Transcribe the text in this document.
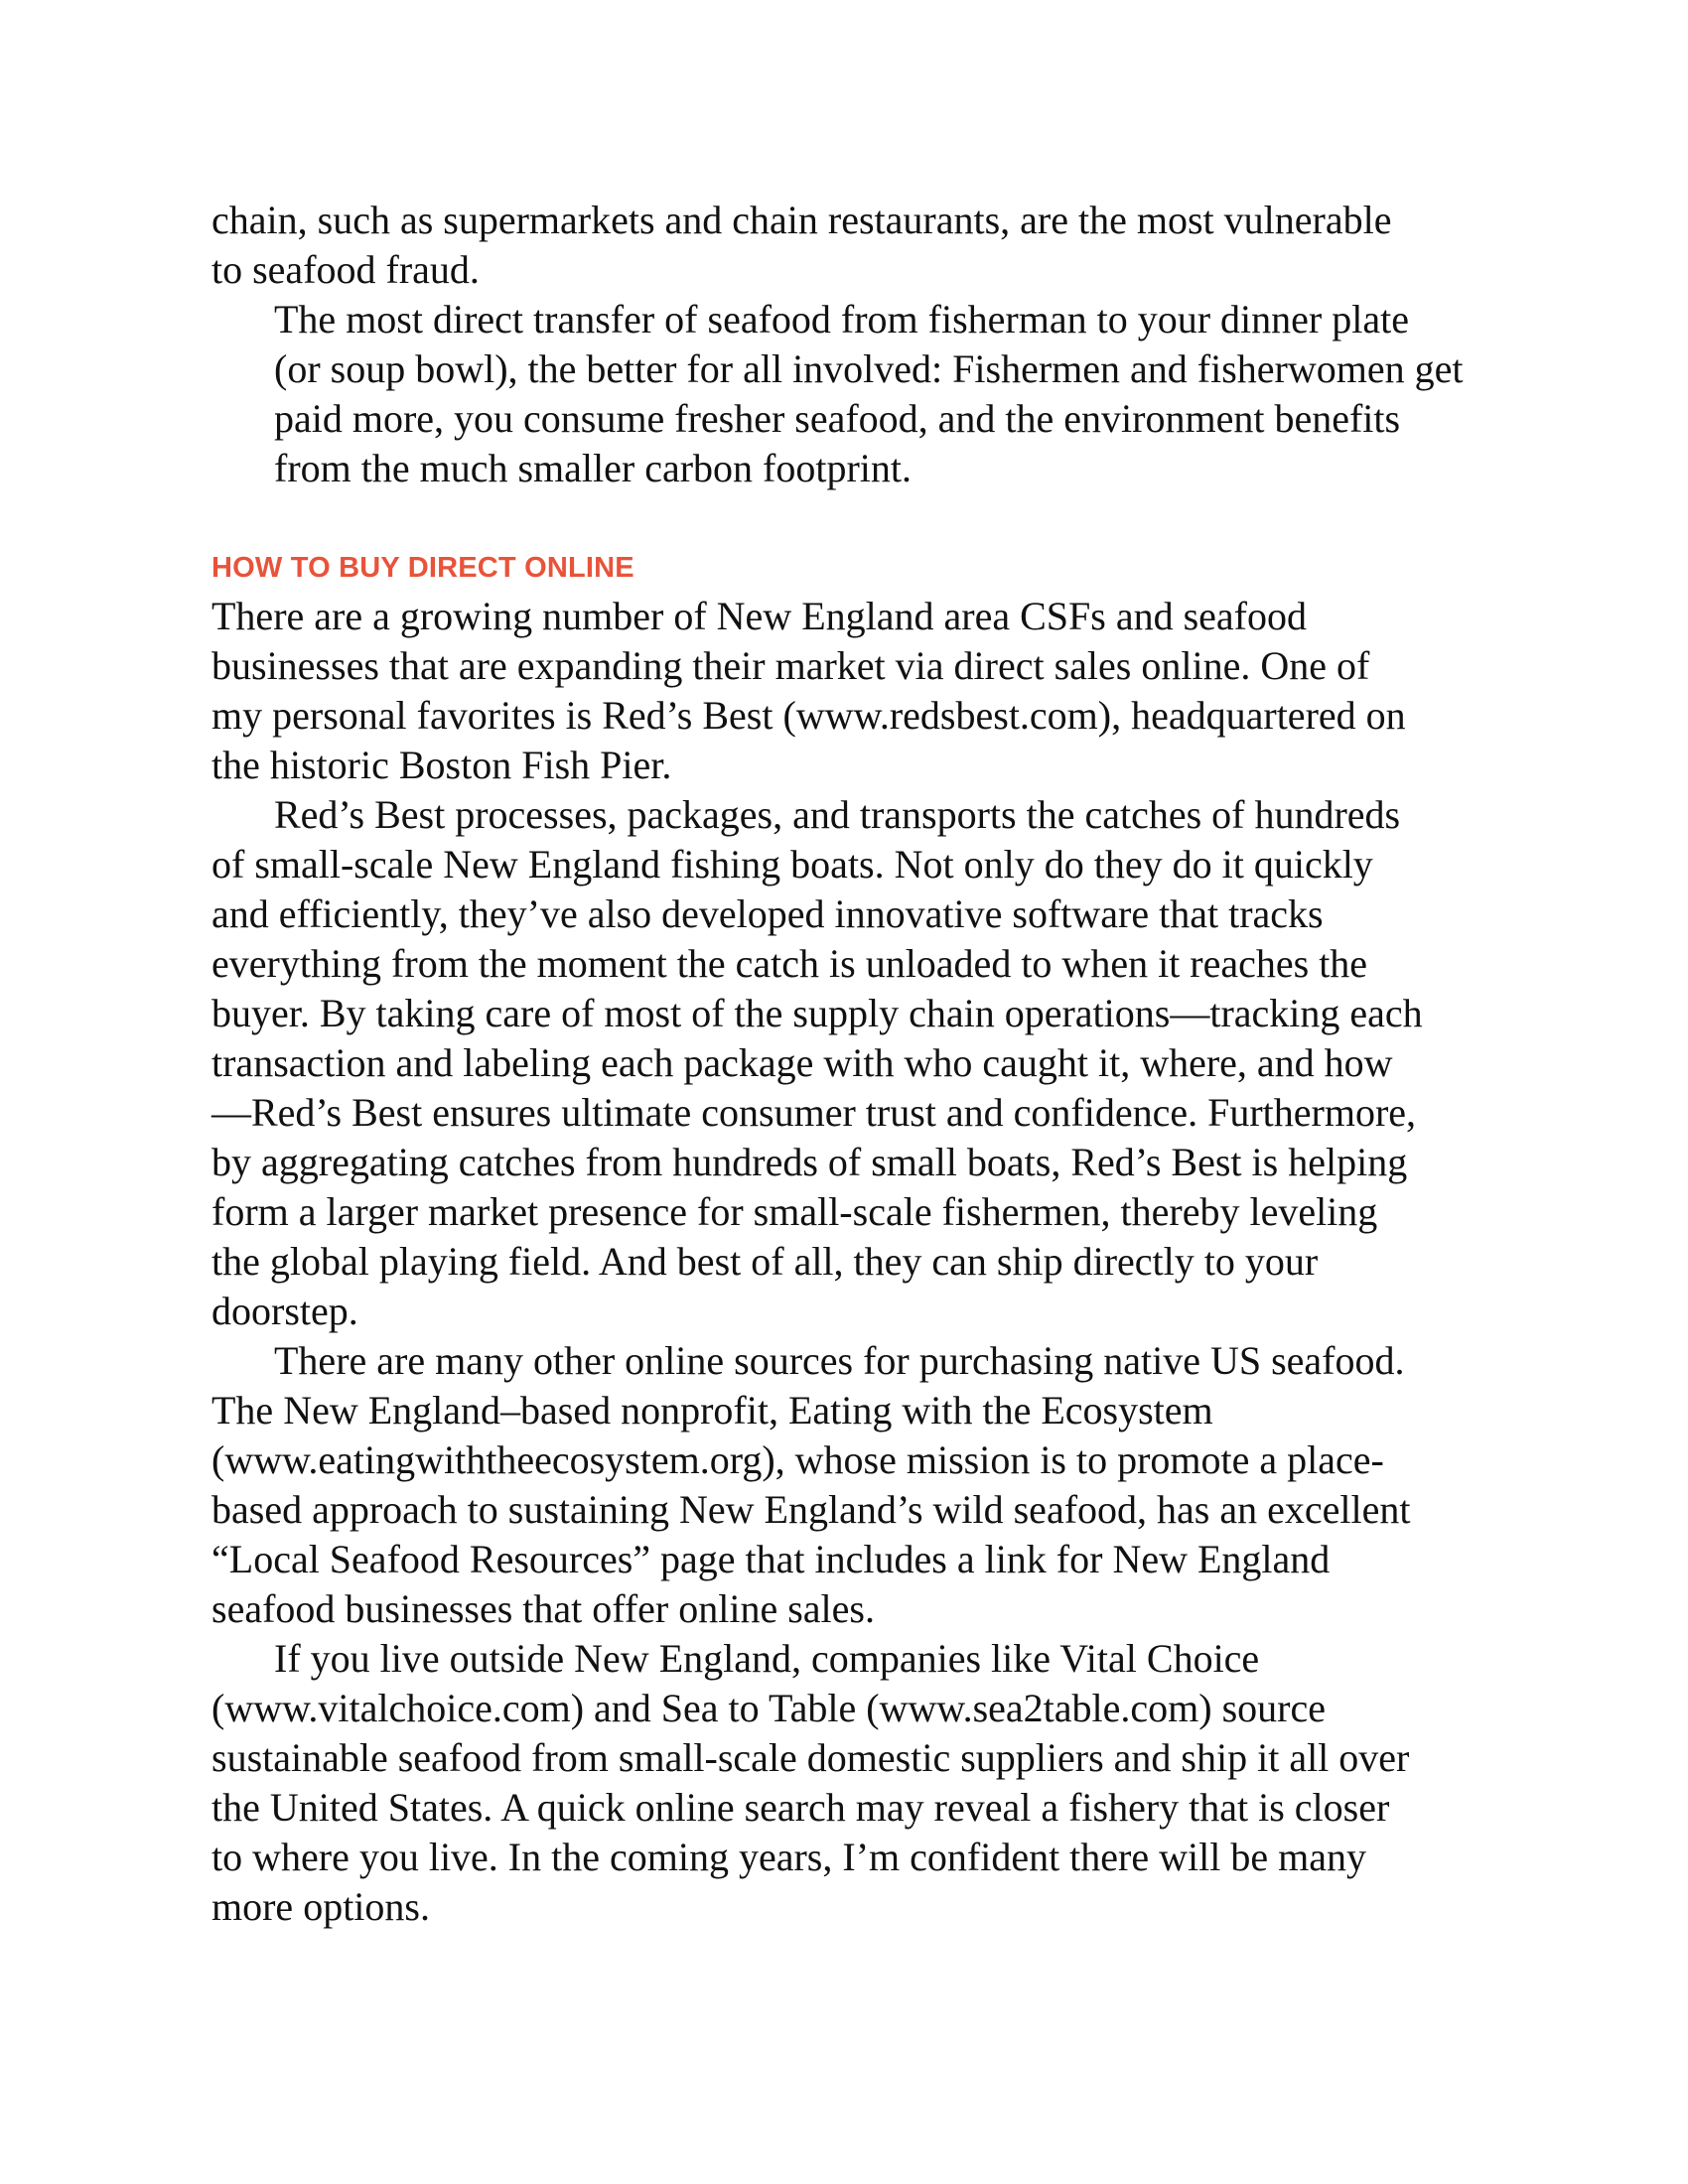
chain, such as supermarkets and chain restaurants, are the most vulnerable
to seafood fraud.

The most direct transfer of seafood from fisherman to your dinner plate
(or soup bowl), the better for all involved: Fishermen and fisherwomen get
paid more, you consume fresher seafood, and the environment benefits
from the much smaller carbon footprint.

HOW TO BUY DIRECT ONLINE

There are a growing number of New England area CSFs and seafood
businesses that are expanding their market via direct sales online. One of
my personal favorites is Red’s Best (www.redsbest.com), headquartered on
the historic Boston Fish Pier.

Red’s Best processes, packages, and transports the catches of hundreds
of small-scale New England fishing boats. Not only do they do it quickly
and efficiently, they’ve also developed innovative software that tracks
everything from the moment the catch is unloaded to when it reaches the
buyer. By taking care of most of the supply chain operations—tracking each
transaction and labeling each package with who caught it, where, and how
—Red’s Best ensures ultimate consumer trust and confidence. Furthermore,
by aggregating catches from hundreds of small boats, Red’s Best is helping
form a larger market presence for small-scale fishermen, thereby leveling
the global playing field. And best of all, they can ship directly to your
doorstep.

There are many other online sources for purchasing native US seafood.
The New England–based nonprofit, Eating with the Ecosystem
(www.eatingwiththeecosystem.org), whose mission is to promote a place-
based approach to sustaining New England’s wild seafood, has an excellent
“Local Seafood Resources” page that includes a link for New England
seafood businesses that offer online sales.

If you live outside New England, companies like Vital Choice
(www.vitalchoice.com) and Sea to Table (www.sea2table.com) source
sustainable seafood from small-scale domestic suppliers and ship it all over
the United States. A quick online search may reveal a fishery that is closer
to where you live. In the coming years, I’m confident there will be many
more options.
